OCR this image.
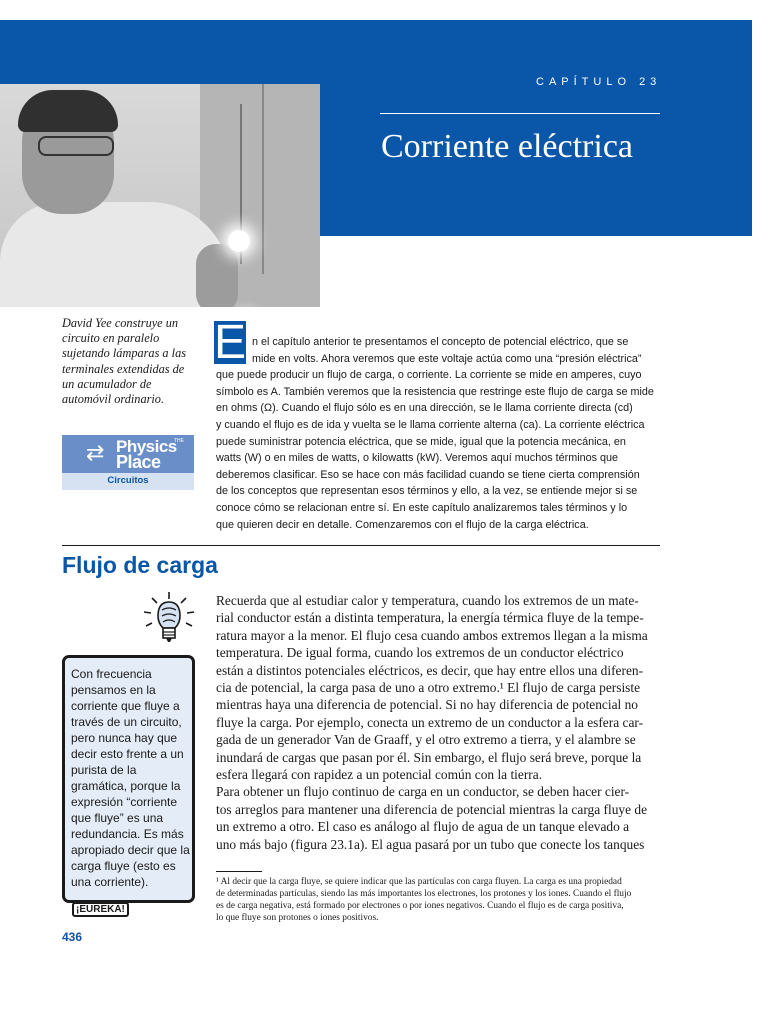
CAPÍTULO 23
Corriente eléctrica
David Yee construye un circuito en paralelo sujetando lámparas a las terminales extendidas de un acumulador de automóvil ordinario.
⇄	THE
Physics
Place
Circuitos
E n el capítulo anterior te presentamos el concepto de potencial eléctrico, que se
mide en volts. Ahora veremos que este voltaje actúa como una “presión eléctrica”
que puede producir un flujo de carga, o corriente. La corriente se mide en amperes, cuyo
símbolo es A. También veremos que la resistencia que restringe este flujo de carga se mide
en ohms (Ω). Cuando el flujo sólo es en una dirección, se le llama corriente directa (cd)
y cuando el flujo es de ida y vuelta se le llama corriente alterna (ca). La corriente eléctrica
puede suministrar potencia eléctrica, que se mide, igual que la potencia mecánica, en
watts (W) o en miles de watts, o kilowatts (kW). Veremos aquí muchos términos que
deberemos clasificar. Eso se hace con más facilidad cuando se tiene cierta comprensión
de los conceptos que representan esos términos y ello, a la vez, se entiende mejor si se
conoce cómo se relacionan entre sí. En este capítulo analizaremos tales términos y lo
que quieren decir en detalle. Comenzaremos con el flujo de la carga eléctrica.
Flujo de carga
Recuerda que al estudiar calor y temperatura, cuando los extremos de un mate-
rial conductor están a distinta temperatura, la energía térmica fluye de la tempe-
ratura mayor a la menor. El flujo cesa cuando ambos extremos llegan a la misma
temperatura. De igual forma, cuando los extremos de un conductor eléctrico
están a distintos potenciales eléctricos, es decir, que hay entre ellos una diferen-
cia de potencial, la carga pasa de uno a otro extremo.¹ El flujo de carga persiste
mientras haya una diferencia de potencial. Si no hay diferencia de potencial no
fluye la carga. Por ejemplo, conecta un extremo de un conductor a la esfera car-
gada de un generador Van de Graaff, y el otro extremo a tierra, y el alambre se
inundará de cargas que pasan por él. Sin embargo, el flujo será breve, porque la
esfera llegará con rapidez a un potencial común con la tierra.
Para obtener un flujo continuo de carga en un conductor, se deben hacer cier-
tos arreglos para mantener una diferencia de potencial mientras la carga fluye de
un extremo a otro. El caso es análogo al flujo de agua de un tanque elevado a
uno más bajo (figura 23.1a). El agua pasará por un tubo que conecte los tanques
Con frecuencia
pensamos en la
corriente que fluye a
través de un circuito,
pero nunca hay que
decir esto frente a un
purista de la
gramática, porque la
expresión “corriente
que fluye” es una
redundancia. Es más
apropiado decir que la
carga fluye (esto es
una corriente).
¡EUREKA!
436
¹ Al decir que la carga fluye, se quiere indicar que las partículas con carga fluyen. La carga es una propiedad
de determinadas partículas, siendo las más importantes los electrones, los protones y los iones. Cuando el flujo
es de carga negativa, está formado por electrones o por iones negativos. Cuando el flujo es de carga positiva,
lo que fluye son protones o iones positivos.
